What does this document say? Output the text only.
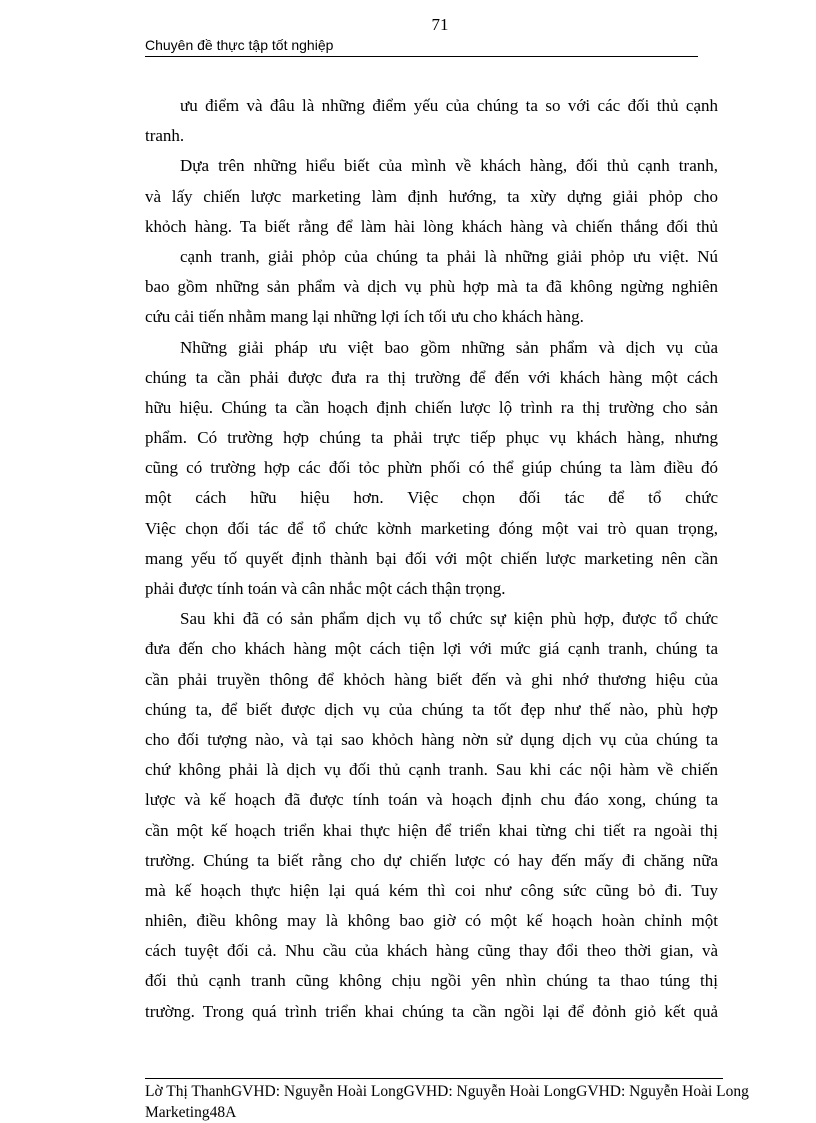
71
Chuyên đề thực tập tốt nghiệp
ưu điểm và đâu là những điểm yếu của chúng ta so với các đối thủ cạnh
tranh.
Dựa trên những hiểu biết của mình về khách hàng, đối thủ cạnh tranh,
và lấy chiến lược marketing làm định hướng, ta xừy dựng giải phỏp cho
khỏch hàng. Ta biết rằng để làm hài lòng khách hàng và chiến thắng đối thủ
cạnh tranh, giải phỏp của chúng ta phải là những giải phỏp ưu việt. Nú
bao gồm những sản phẩm và dịch vụ phù hợp mà ta đã không ngừng nghiên
cứu cải tiến nhằm mang lại những lợi ích tối ưu cho khách hàng.
Những giải pháp ưu việt bao gồm những sản phẩm và dịch vụ của
chúng ta cần phải được đưa ra thị trường để đến với khách hàng một cách
hữu hiệu. Chúng ta cần hoạch định chiến lược lộ trình ra thị trường cho sản
phẩm. Có trường hợp chúng ta phải trực tiếp phục vụ khách hàng, nhưng
cũng có trường hợp các đối tỏc phừn phối có thể giúp chúng ta làm điều đó
một cách hữu hiệu hơn. Việc chọn đối tác để tổ chức
Việc chọn đối tác để tổ chức kờnh marketing đóng một vai trò quan trọng,
mang yếu tố quyết định thành bại đối với một chiến lược marketing nên cần
phải được tính toán và cân nhắc một cách thận trọng.
Sau khi đã có sản phẩm dịch vụ tổ chức sự kiện phù hợp, được tổ chức
đưa đến cho khách hàng một cách tiện lợi với mức giá cạnh tranh, chúng ta
cần phải truyền thông để khỏch hàng biết đến và ghi nhớ thương hiệu của
chúng ta, để biết được dịch vụ của chúng ta tốt đẹp như thế nào, phù hợp
cho đối tượng nào, và tại sao khỏch hàng nờn sử dụng dịch vụ của chúng ta
chứ không phải là dịch vụ đối thủ cạnh tranh. Sau khi các nội hàm về chiến
lược và kế hoạch đã được tính toán và hoạch định chu đáo xong, chúng ta
cần một kế hoạch triển khai thực hiện để triển khai từng chi tiết ra ngoài thị
trường. Chúng ta biết rằng cho dự chiến lược có hay đến mấy đi chăng nữa
mà kế hoạch thực hiện lại quá kém thì coi như công sức cũng bỏ đi. Tuy
nhiên, điều không may là không bao giờ có một kế hoạch hoàn chỉnh một
cách tuyệt đối cả. Nhu cầu của khách hàng cũng thay đổi theo thời gian, và
đối thủ cạnh tranh cũng không chịu ngồi yên nhìn chúng ta thao túng thị
trường. Trong quá trình triển khai chúng ta cần ngồi lại để đỏnh giỏ kết quả
Lờ Thị ThanhGVHD: Nguyễn Hoài LongGVHD: Nguyễn Hoài LongGVHD: Nguyễn Hoài Long
Marketing48A
